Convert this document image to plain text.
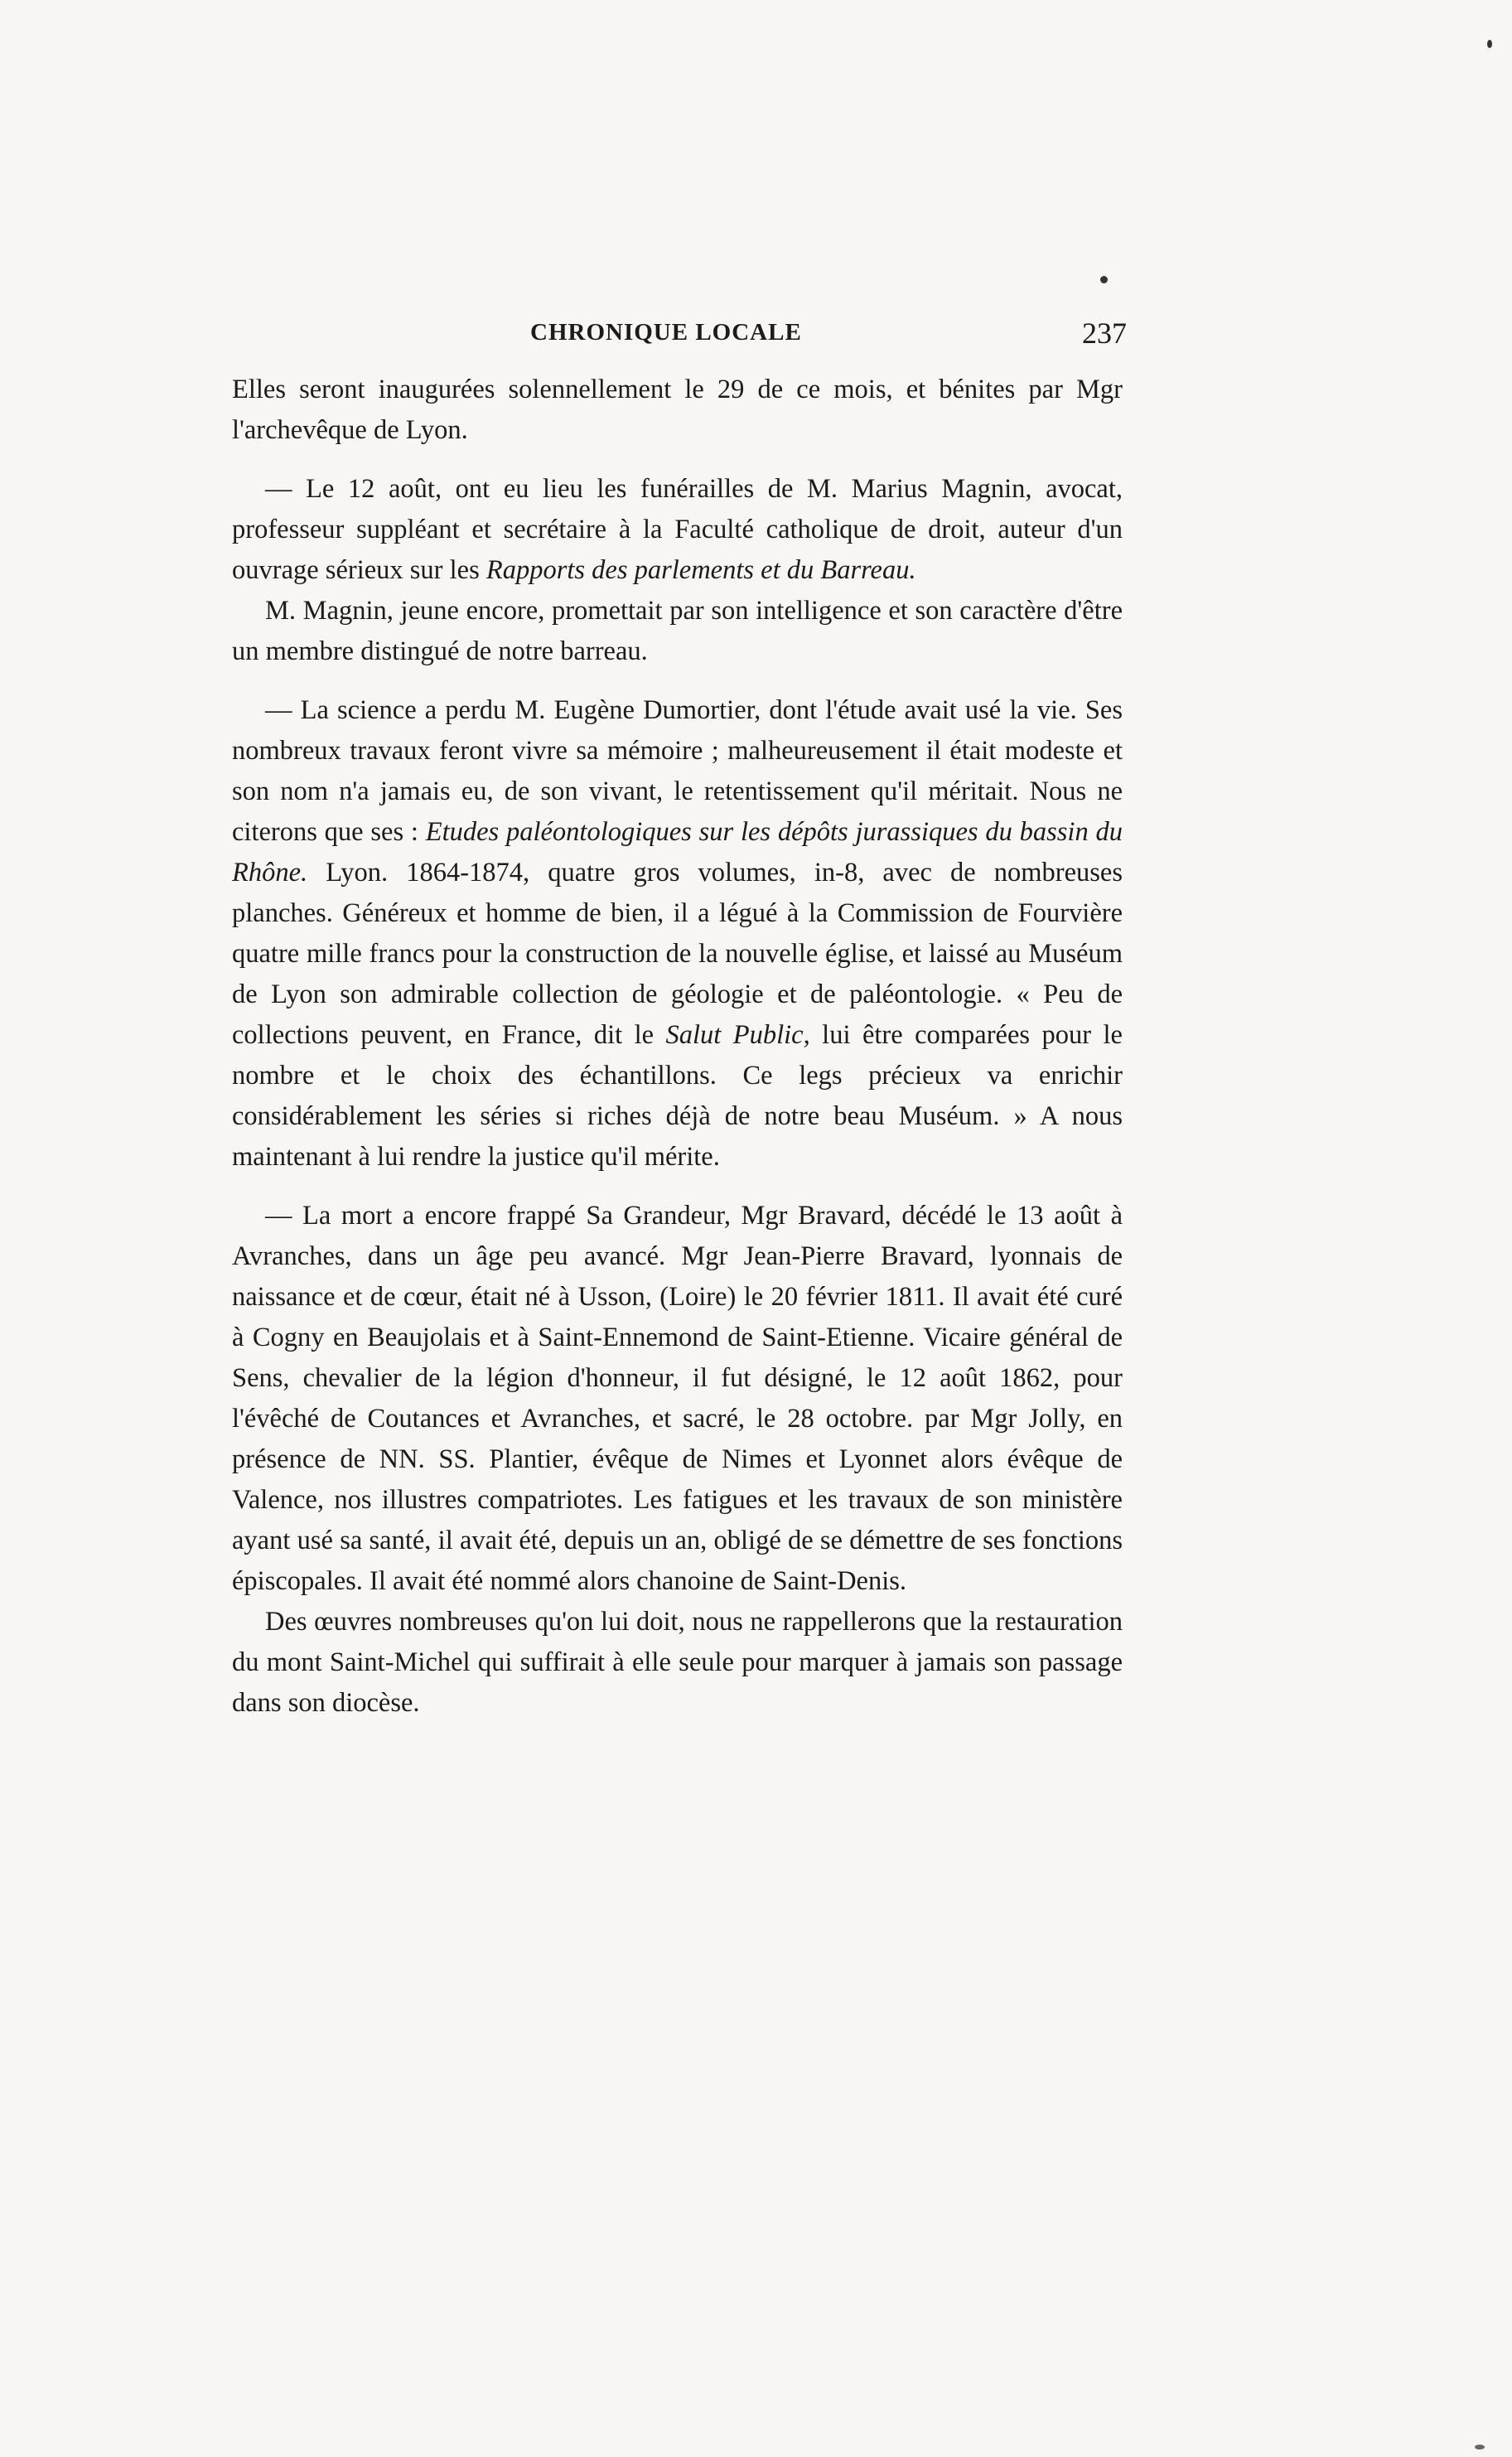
CHRONIQUE LOCALE	237

Elles seront inaugurées solennellement le 29 de ce mois, et bénites par Mgr l'archevêque de Lyon.

— Le 12 août, ont eu lieu les funérailles de M. Marius Magnin, avocat, professeur suppléant et secrétaire à la Faculté catholique de droit, auteur d'un ouvrage sérieux sur les Rapports des parlements et du Barreau.

M. Magnin, jeune encore, promettait par son intelligence et son caractère d'être un membre distingué de notre barreau.

— La science a perdu M. Eugène Dumortier, dont l'étude avait usé la vie. Ses nombreux travaux feront vivre sa mémoire ; malheureusement il était modeste et son nom n'a jamais eu, de son vivant, le retentissement qu'il méritait. Nous ne citerons que ses : Etudes paléontologiques sur les dépôts jurassiques du bassin du Rhône. Lyon. 1864-1874, quatre gros volumes, in-8, avec de nombreuses planches. Généreux et homme de bien, il a légué à la Commission de Fourvière quatre mille francs pour la construction de la nouvelle église, et laissé au Muséum de Lyon son admirable collection de géologie et de paléontologie. « Peu de collections peuvent, en France, dit le Salut Public, lui être comparées pour le nombre et le choix des échantillons. Ce legs précieux va enrichir considérablement les séries si riches déjà de notre beau Muséum. » A nous maintenant à lui rendre la justice qu'il mérite.

— La mort a encore frappé Sa Grandeur, Mgr Bravard, décédé le 13 août à Avranches, dans un âge peu avancé. Mgr Jean-Pierre Bravard, lyonnais de naissance et de cœur, était né à Usson, (Loire) le 20 février 1811. Il avait été curé à Cogny en Beaujolais et à Saint-Ennemond de Saint-Etienne. Vicaire général de Sens, chevalier de la légion d'honneur, il fut désigné, le 12 août 1862, pour l'évêché de Coutances et Avranches, et sacré, le 28 octobre. par Mgr Jolly, en présence de NN. SS. Plantier, évêque de Nimes et Lyonnet alors évêque de Valence, nos illustres compatriotes. Les fatigues et les travaux de son ministère ayant usé sa santé, il avait été, depuis un an, obligé de se démettre de ses fonctions épiscopales. Il avait été nommé alors chanoine de Saint-Denis.

Des œuvres nombreuses qu'on lui doit, nous ne rappellerons que la restauration du mont Saint-Michel qui suffirait à elle seule pour marquer à jamais son passage dans son diocèse.
